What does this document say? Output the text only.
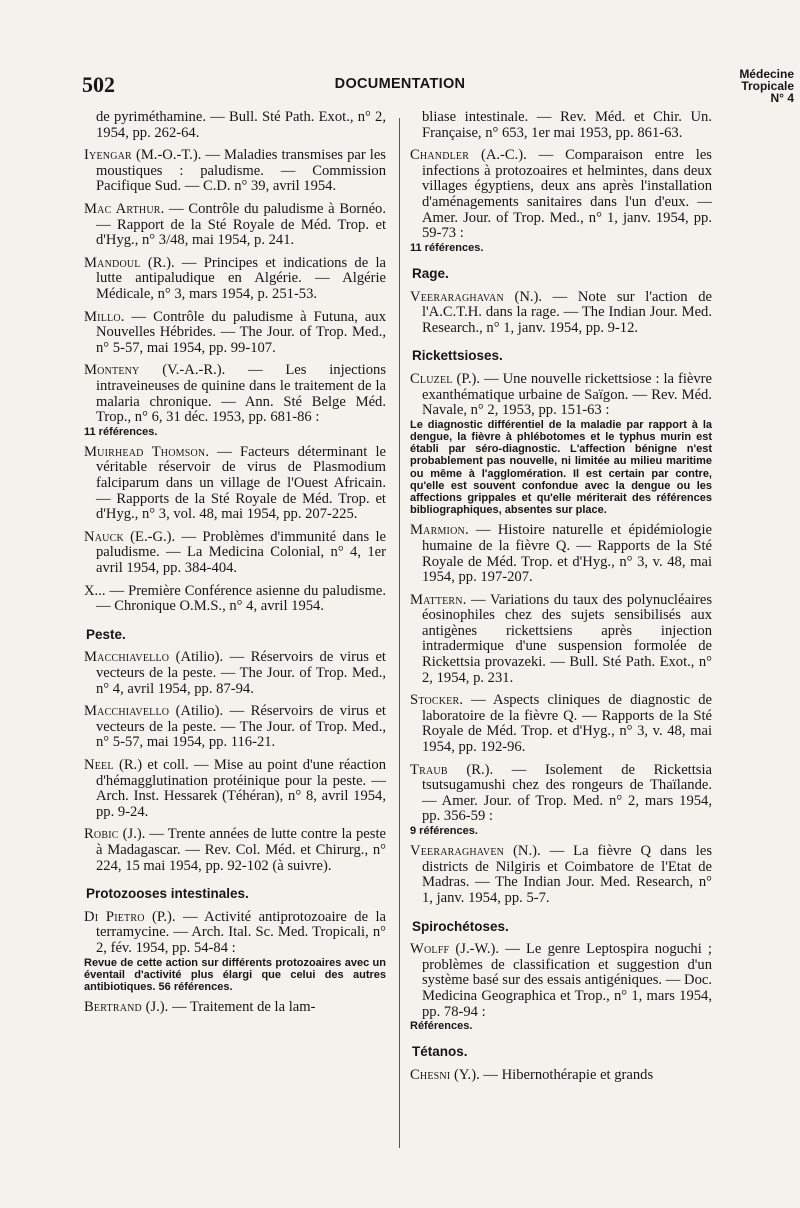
502	DOCUMENTATION
Médecine
Tropicale
N° 4
de pyriméthamine. — Bull. Sté Path. Exot., n° 2, 1954, pp. 262-64.
Iyengar (M.-O.-T.). — Maladies transmises par les moustiques : paludisme. — Commission Pacifique Sud. — C.D. n° 39, avril 1954.
Mac Arthur. — Contrôle du paludisme à Bornéo. — Rapport de la Sté Royale de Méd. Trop. et d'Hyg., n° 3/48, mai 1954, p. 241.
Mandoul (R.). — Principes et indications de la lutte antipaludique en Algérie. — Algérie Médicale, n° 3, mars 1954, p. 251-53.
Millo. — Contrôle du paludisme à Futuna, aux Nouvelles Hébrides. — The Jour. of Trop. Med., n° 5-57, mai 1954, pp. 99-107.
Monteny (V.-A.-R.). — Les injections intraveineuses de quinine dans le traitement de la malaria chronique. — Ann. Sté Belge Méd. Trop., n° 6, 31 déc. 1953, pp. 681-86 :
11 références.
Muirhead Thomson. — Facteurs déterminant le véritable réservoir de virus de Plasmodium falciparum dans un village de l'Ouest Africain. — Rapports de la Sté Royale de Méd. Trop. et d'Hyg., n° 3, vol. 48, mai 1954, pp. 207-225.
Nauck (E.-G.). — Problèmes d'immunité dans le paludisme. — La Medicina Colonial, n° 4, 1er avril 1954, pp. 384-404.
X... — Première Conférence asienne du paludisme. — Chronique O.M.S., n° 4, avril 1954.
Peste.
Macchiavello (Atilio). — Réservoirs de virus et vecteurs de la peste. — The Jour. of Trop. Med., n° 4, avril 1954, pp. 87-94.
Macchiavello (Atilio). — Réservoirs de virus et vecteurs de la peste. — The Jour. of Trop. Med., n° 5-57, mai 1954, pp. 116-21.
Neel (R.) et coll. — Mise au point d'une réaction d'hémagglutination protéinique pour la peste. — Arch. Inst. Hessarek (Téhéran), n° 8, avril 1954, pp. 9-24.
Robic (J.). — Trente années de lutte contre la peste à Madagascar. — Rev. Col. Méd. et Chirurg., n° 224, 15 mai 1954, pp. 92-102 (à suivre).
Protozooses intestinales.
Di Pietro (P.). — Activité antiprotozoaire de la terramycine. — Arch. Ital. Sc. Med. Tropicali, n° 2, fév. 1954, pp. 54-84 :
Revue de cette action sur différents protozoaires avec un éventail d'activité plus élargi que celui des autres antibiotiques. 56 références.
Bertrand (J.). — Traitement de la lam-
bliase intestinale. — Rev. Méd. et Chir. Un. Française, n° 653, 1er mai 1953, pp. 861-63.
Chandler (A.-C.). — Comparaison entre les infections à protozoaires et helmintes, dans deux villages égyptiens, deux ans après l'installation d'aménagements sanitaires dans l'un d'eux. — Amer. Jour. of Trop. Med., n° 1, janv. 1954, pp. 59-73 :
11 références.
Rage.
Veeraraghavan (N.). — Note sur l'action de l'A.C.T.H. dans la rage. — The Indian Jour. Med. Research., n° 1, janv. 1954, pp. 9-12.
Rickettsioses.
Cluzel (P.). — Une nouvelle rickettsiose : la fièvre exanthématique urbaine de Saïgon. — Rev. Méd. Navale, n° 2, 1953, pp. 151-63 :
Le diagnostic différentiel de la maladie par rapport à la dengue, la fièvre à phlébotomes et le typhus murin est établi par séro-diagnostic. L'affection bénigne n'est probablement pas nouvelle, ni limitée au milieu maritime ou même à l'agglomération. Il est certain par contre, qu'elle est souvent confondue avec la dengue ou les affections grippales et qu'elle mériterait des références bibliographiques, absentes sur place.
Marmion. — Histoire naturelle et épidémiologie humaine de la fièvre Q. — Rapports de la Sté Royale de Méd. Trop. et d'Hyg., n° 3, v. 48, mai 1954, pp. 197-207.
Mattern. — Variations du taux des polynucléaires éosinophiles chez des sujets sensibilisés aux antigènes rickettsiens après injection intradermique d'une suspension formolée de Rickettsia provazeki. — Bull. Sté Path. Exot., n° 2, 1954, p. 231.
Stocker. — Aspects cliniques de diagnostic de laboratoire de la fièvre Q. — Rapports de la Sté Royale de Méd. Trop. et d'Hyg., n° 3, v. 48, mai 1954, pp. 192-96.
Traub (R.). — Isolement de Rickettsia tsutsugamushi chez des rongeurs de Thaïlande. — Amer. Jour. of Trop. Med. n° 2, mars 1954, pp. 356-59 :
9 références.
Veeraraghaven (N.). — La fièvre Q dans les districts de Nilgiris et Coimbatore de l'Etat de Madras. — The Indian Jour. Med. Research, n° 1, janv. 1954, pp. 5-7.
Spirochétoses.
Wolff (J.-W.). — Le genre Leptospira noguchi ; problèmes de classification et suggestion d'un système basé sur des essais antigéniques. — Doc. Medicina Geographica et Trop., n° 1, mars 1954, pp. 78-94 :
Références.
Tétanos.
Chesni (Y.). — Hibernothérapie et grands
